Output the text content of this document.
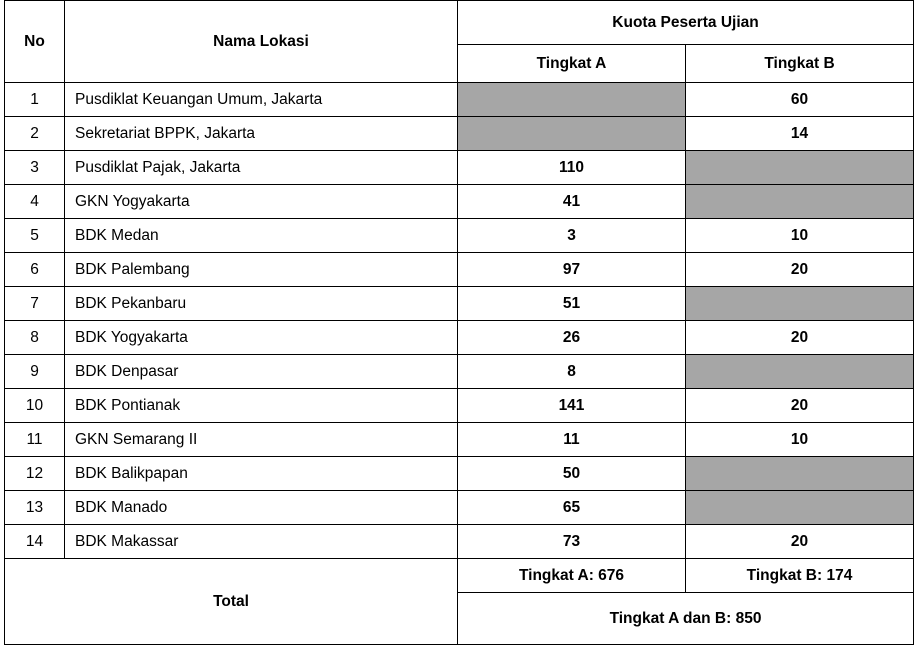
No	Nama Lokasi	Kuota Peserta Ujian	
		Tingkat A	Tingkat B
1	Pusdiklat Keuangan Umum, Jakarta		60
2	Sekretariat BPPK, Jakarta		14
3	Pusdiklat Pajak, Jakarta	110	
4	GKN Yogyakarta	41	
5	BDK Medan	3	10
6	BDK Palembang	97	20
7	BDK Pekanbaru	51	
8	BDK Yogyakarta	26	20
9	BDK Denpasar	8	
10	BDK Pontianak	141	20
11	GKN Semarang II	11	10
12	BDK Balikpapan	50	
13	BDK Manado	65	
14	BDK Makassar	73	20
Total		Tingkat A: 676	Tingkat B: 174
		Tingkat A dan B: 850	
